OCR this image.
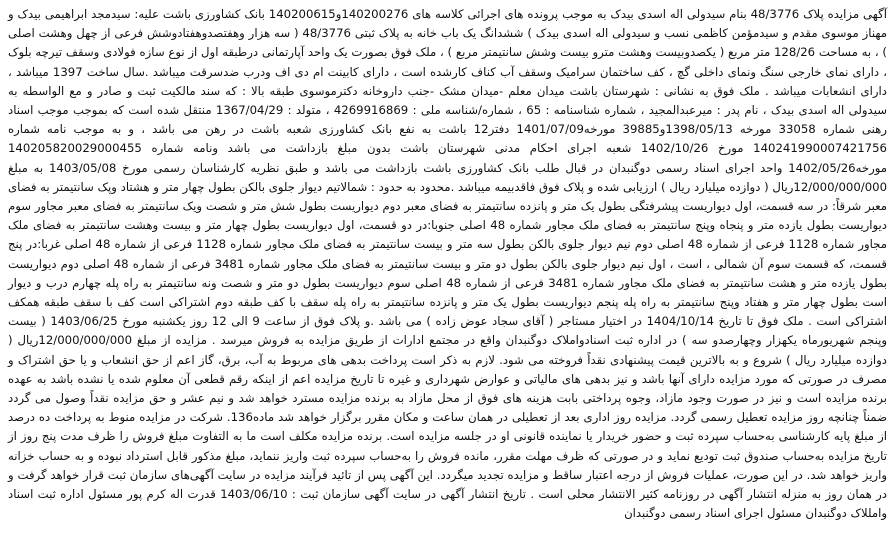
آگهی مزایده پلاک 48/3776 بنام سیدولی اله اسدی بیدک به موجب پرونده های اجرائی کلاسه های 140200276و140200615 بانک کشاورزی باشت علیه: سیدمجد ابراهیمی بیدک و مهناز موسوی مقدم و سیدمؤمن کاظمی نسب و سیدولی اله اسدی بیدک ) ششدانگ یک باب خانه به پلاک ثبتی 48/3776 ( سه هزار وهفتصدوهفتادوشش فرعی از چهل وهشت اصلی ) ، به مساحت 128/26 متر مربع ( یکصدوبیست وهشت مترو بیست وشش سانتیمتر مربع ) ، ملک فوق بصورت یک واحد آپارتمانی درطبقه اول از نوع سازه فولادی وسقف تیرچه بلوک ، دارای نمای خارجی سنگ ونمای داخلی گچ ، کف ساختمان سرامیک وسقف آب کناف کارشده است ، دارای کابینت ام دی اف ودرب ضدسرقت میباشد .سال ساخت 1397 میباشد ، دارای انشعابات میباشد . ملک فوق به نشانی : شهرستان باشت میدان معلم -میدان مشک -جنب داروخانه دکترموسوی طبقه بالا : که سند مالکیت ثبت و صادر و مع الواسطه به سیدولی اله اسدی بیدک ، نام پدر : میرعبدالمجید ، شماره شناسنامه : 65 ، شماره/شناسه ملی : 4269916869 ، متولد : 1367/04/29 منتقل شده است که بموجب موجب اسناد رهنی شماره 33058 مورخه 1398/05/13و39885 مورخه1401/07/09 دفتر12 باشت به نفع بانک کشاورزی شعبه باشت در رهن می باشد ، و به موجب نامه شماره 140241990007421756 مورخ 1402/10/26 شعبه اجرای احکام مدنی شهرستان باشت بدون مبلغ بازداشت می باشد ونامه شماره 140205820029000455 مورخه1402/05/26 واحد اجرای اسناد رسمی دوگنبدان در قبال طلب بانک کشاورزی باشت بازداشت می باشد و طبق نظریه کارشناسان رسمی مورخ 1403/05/08 به مبلغ 12/000/000/000ریال ( دوازده میلیارد ریال ) ارزیابی شده و پلاک فوق فاقدبیمه میباشد .محدود به حدود : شمالاتیم دیوار جلوی بالکن بطول چهار متر و هشتاد وپک سانتیمتر به فضای معبر شرقاً: در سه قسمت، اول دیواریست پیشرفتگی بطول یک متر و پانزده سانتیمتر به فضای معبر دوم دیواریست بطول شش متر و شصت ویک سانتیمتر به فضای معبر مجاور سوم دیواریست بطول یازده متر و پنجاه وپنج سانتیمتر به فضای ملک مجاور شماره 48 اصلی جنوبا:در دو قسمت، اول دیواریست بطول چهار متر و بیست وهشت سانتیمتر به فضای ملک مجاور شماره 1128 فرعی از شماره 48 اصلی دوم نیم دیوار جلوی بالکن بطول سه متر و بیست سانتیمتر به فضای ملک مجاور شماره 1128 فرعی از شماره 48 اصلی غربا:در پنج قسمت، که قسمت سوم آن شمالی ، است ، اول نیم دیوار جلوی بالکن بطول دو متر و بیست سانتیمتر به فضای ملک مجاور شماره 3481 فرعی از شماره 48 اصلی دوم دیواریست بطول یازده متر و هشت سانتیمتر به فضای ملک مجاور شماره 3481 فرعی از شماره 48 اصلی سوم دیواریست بطول دو متر و شصت ونه سانتیمتر به راه پله چهارم درب و دیوار است بطول چهار متر و هفتاد وپنج سانتیمتر به راه پله پنجم دیواریست بطول یک متر و پانزده سانتیمتر به راه پله سقف با کف طبقه دوم اشتراکی است کف با سقف طبقه همکف اشتراکی است . ملک فوق تا تاریخ 1404/10/14 در اختیار مستاجر ( آقای سجاد عوض زاده ) می باشد .و پلاک فوق از ساعت 9 الی 12 روز یکشنبه مورخ 1403/06/25 ( بیست وپنجم شهریورماه یکهزار وچهارصدو سه ) در اداره ثبت اسنادواملاک دوگنبدان واقع در مجتمع ادارات از طریق مزایده به فروش میرسد . مزایده از مبلغ 12/000/000/000ریال ( دوازده میلیارد ریال ) شروع و به بالاترین قیمت پیشنهادی نقداً فروخته می شود. لازم به ذکر است پرداخت بدهی های مربوط به آب، برق، گاز اعم از حق انشعاب و یا حق اشتراک و مصرف در صورتی که مورد مزایده دارای آنها باشد و نیز بدهی های مالیاتی و عوارض شهرداری و غیره تا تاریخ مزایده اعم از اینکه رقم قطعی آن معلوم شده یا نشده باشد به عهده برنده مزایده است و نیز در صورت وجود مازاد، وجوه پرداختی بابت هزینه های فوق از محل مازاد به برنده مزایده مسترد خواهد شد و نیم عشر و حق مزایده نقداً وصول می گردد ضمناً چنانچه روز مزایده تعطیل رسمی گردد. مزایده روز اداری بعد از تعطیلی در همان ساعت و مکان مقرر برگزار خواهد شد ماده136. شرکت در مزایده منوط به پرداخت ده درصد از مبلغ پایه کارشناسی به‌حساب سپرده ثبت و حضور خریدار یا نماینده قانونی او در جلسه مزایده است. برنده مزایده مکلف است ما به التفاوت مبلغ فروش را ظرف مدت پنج روز از تاریخ مزایده به‌حساب صندوق ثبت تودیع نماید و در صورتی که ظرف مهلت مقرر، مانده فروش را به‌حساب سپرده ثبت واریز ننماید، مبلغ مذکور قابل استرداد نبوده و به حساب خزانه واریز خواهد شد. در این صورت، عملیات فروش از درجه اعتبار ساقط و مزایده تجدید میگردد. این آگهی پس از تائید فرآیند مزایده در سایت آگهی‌های سازمان ثبت قرار خواهد گرفت و در همان روز به منزله انتشار آگهی در روزنامه کثیر الانتشار محلی است . تاریخ انتشار آگهی در سایت آگهی سازمان ثبت : 1403/06/10 قدرت اله کرم پور مسئول اداره ثبت اسناد وامللاک دوگنبدان مسئول اجرای اسناد رسمی دوگنبدان
